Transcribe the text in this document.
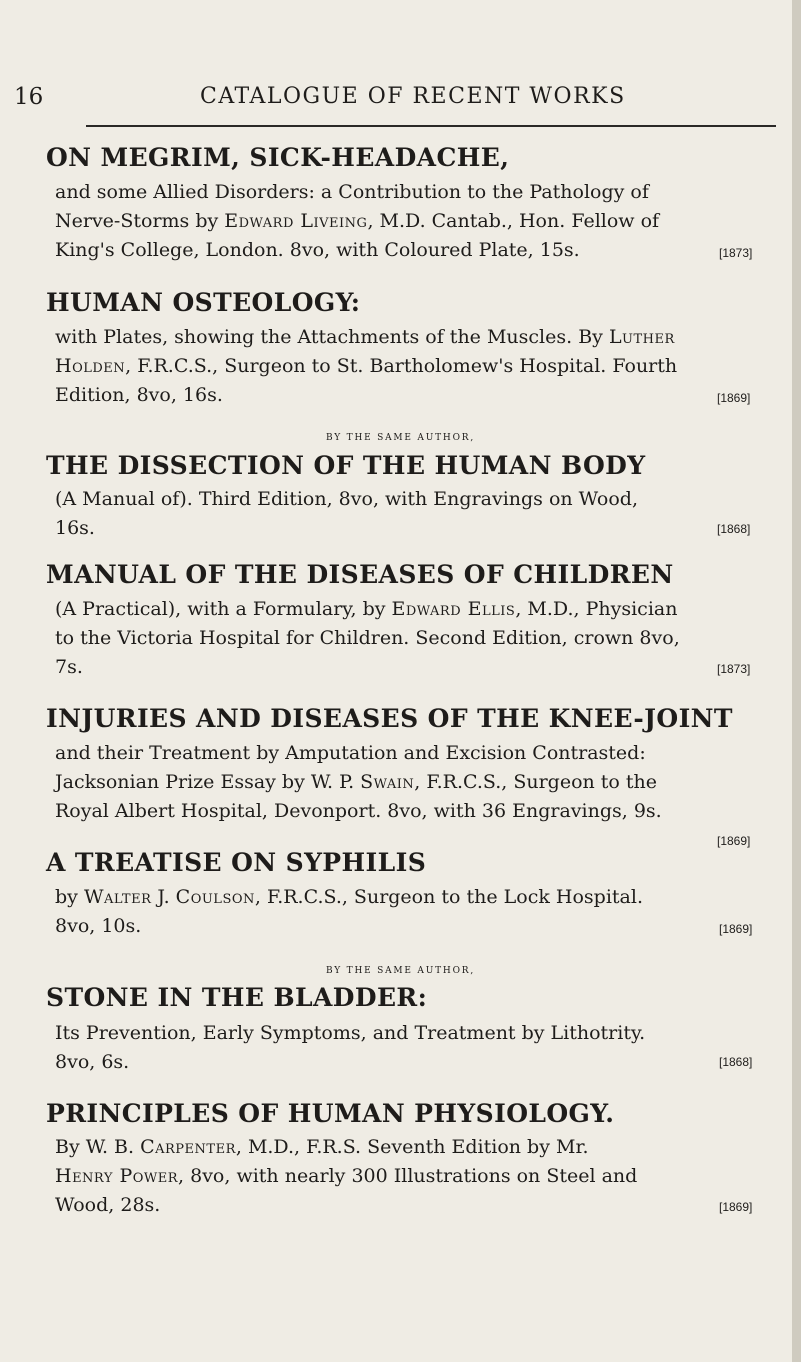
16	CATALOGUE OF RECENT WORKS
ON MEGRIM, SICK-HEADACHE,
and some Allied Disorders: a Contribution to the Pathology of
Nerve-Storms by Edward Liveing, M.D. Cantab., Hon. Fellow of
King's College, London. 8vo, with Coloured Plate, 15s.	[1873]
HUMAN OSTEOLOGY:
with Plates, showing the Attachments of the Muscles. By Luther
Holden, F.R.C.S., Surgeon to St. Bartholomew's Hospital. Fourth
Edition, 8vo, 16s.	[1869]
BY THE SAME AUTHOR,
THE DISSECTION OF THE HUMAN BODY
(A Manual of). Third Edition, 8vo, with Engravings on Wood,
16s.	[1868]
MANUAL OF THE DISEASES OF CHILDREN
(A Practical), with a Formulary, by Edward Ellis, M.D., Physician
to the Victoria Hospital for Children. Second Edition, crown 8vo,
7s.	[1873]
INJURIES AND DISEASES OF THE KNEE-JOINT
and their Treatment by Amputation and Excision Contrasted:
Jacksonian Prize Essay by W. P. Swain, F.R.C.S., Surgeon to the
Royal Albert Hospital, Devonport. 8vo, with 36 Engravings, 9s.
[1869]
A TREATISE ON SYPHILIS
by Walter J. Coulson, F.R.C.S., Surgeon to the Lock Hospital.
8vo, 10s.	[1869]
BY THE SAME AUTHOR,
STONE IN THE BLADDER:
Its Prevention, Early Symptoms, and Treatment by Lithotrity.
8vo, 6s.	[1868]
PRINCIPLES OF HUMAN PHYSIOLOGY.
By W. B. Carpenter, M.D., F.R.S. Seventh Edition by Mr.
Henry Power, 8vo, with nearly 300 Illustrations on Steel and
Wood, 28s.	[1869]
